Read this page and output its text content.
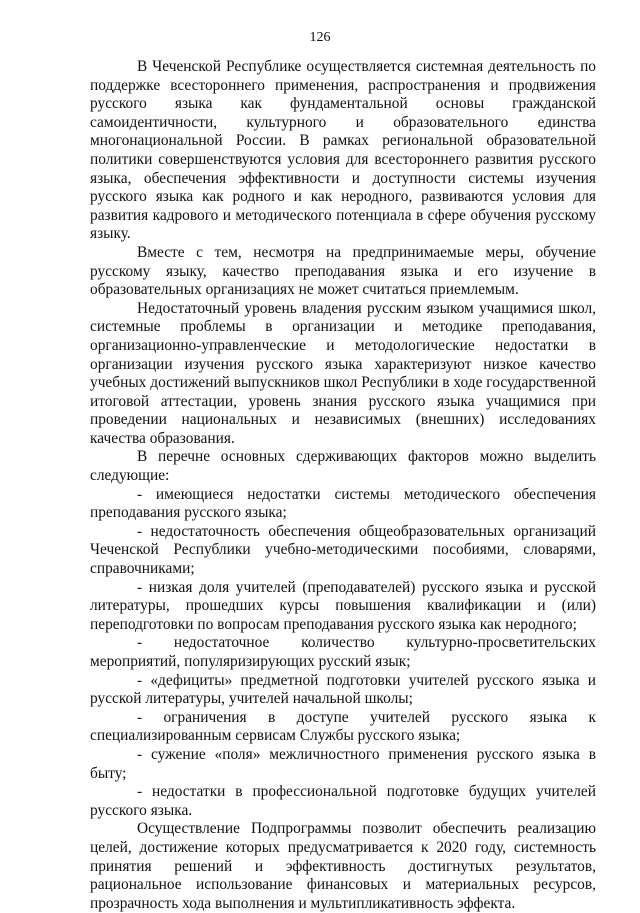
126

В Чеченской Республике осуществляется системная деятельность по поддержке всестороннего применения, распространения и продвижения русского языка как фундаментальной основы гражданской самоидентичности, культурного и образовательного единства многонациональной России. В рамках региональной образовательной политики совершенствуются условия для всестороннего развития русского языка, обеспечения эффективности и доступности системы изучения русского языка как родного и как неродного, развиваются условия для развития кадрового и методического потенциала в сфере обучения русскому языку.

Вместе с тем, несмотря на предпринимаемые меры, обучение русскому языку, качество преподавания языка и его изучение в образовательных организациях не может считаться приемлемым.

Недостаточный уровень владения русским языком учащимися школ, системные проблемы в организации и методике преподавания, организационно-управленческие и методологические недостатки в организации изучения русского языка характеризуют низкое качество учебных достижений выпускников школ Республики в ходе государственной итоговой аттестации, уровень знания русского языка учащимися при проведении национальных и независимых (внешних) исследованиях качества образования.

В перечне основных сдерживающих факторов можно выделить следующие:

- имеющиеся недостатки системы методического обеспечения преподавания русского языка;

- недостаточность обеспечения общеобразовательных организаций Чеченской Республики учебно-методическими пособиями, словарями, справочниками;

- низкая доля учителей (преподавателей) русского языка и русской литературы, прошедших курсы повышения квалификации и (или) переподготовки по вопросам преподавания русского языка как неродного;

- недостаточное количество культурно-просветительских мероприятий, популяризирующих русский язык;

- «дефициты» предметной подготовки учителей русского языка и русской литературы, учителей начальной школы;

- ограничения в доступе учителей русского языка к специализированным сервисам Службы русского языка;

- сужение «поля» межличностного применения русского языка в быту;

- недостатки в профессиональной подготовке будущих учителей русского языка.

Осуществление Подпрограммы позволит обеспечить реализацию целей, достижение которых предусматривается к 2020 году, системность принятия решений и эффективность достигнутых результатов, рациональное использование финансовых и материальных ресурсов, прозрачность хода выполнения и мультипликативность эффекта.
